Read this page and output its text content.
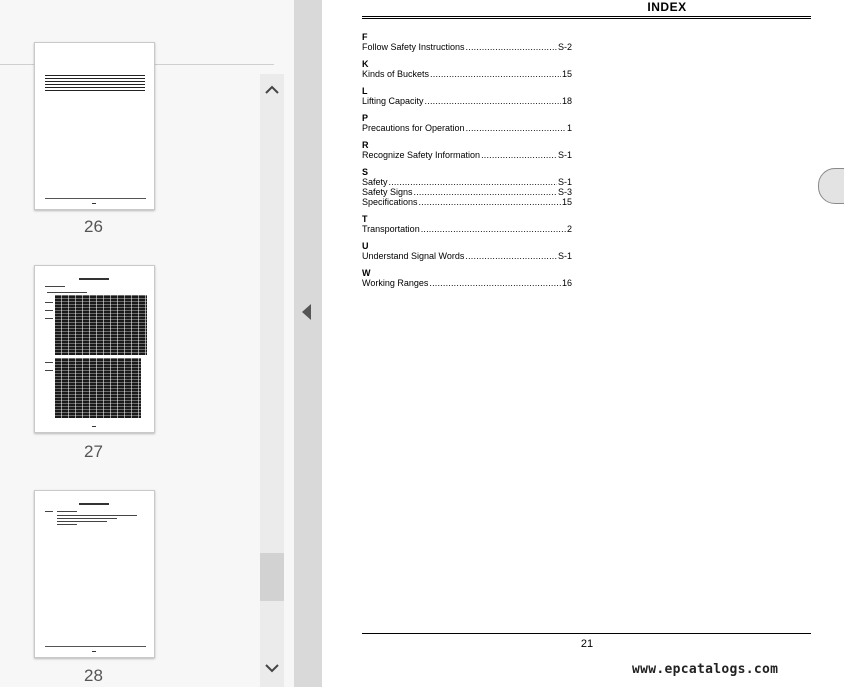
26
27
28
INDEX
F
Follow Safety Instructions .....	S-2
K
Kinds of Buckets .....	15
L
Lifting Capacity .....	18
P
Precautions for Operation .....	1
R
Recognize Safety Information .....	S-1
S
Safety .....	S-1
Safety Signs .....	S-3
Specifications .....	15
T
Transportation .....	2
U
Understand Signal Words .....	S-1
W
Working Ranges .....	16
21
www.epcatalogs.com
